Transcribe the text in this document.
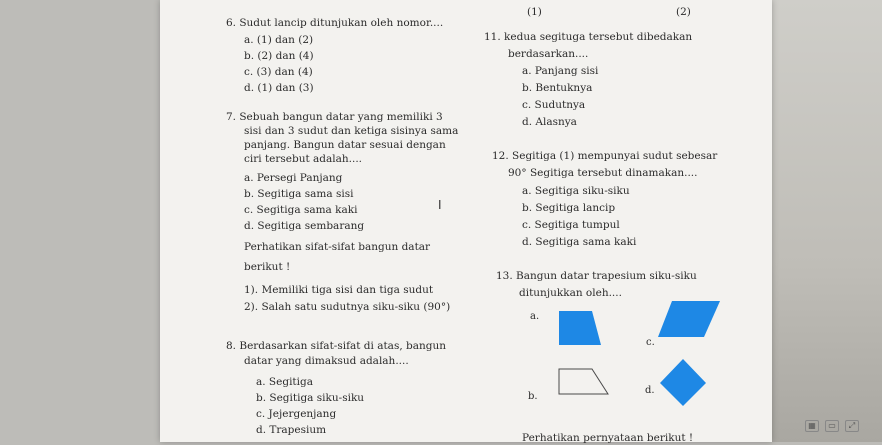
(1)	(2)
6. Sudut lancip ditunjukan oleh nomor....
a. (1) dan (2)
b. (2) dan (4)
c. (3) dan (4)
d. (1) dan (3)
7. Sebuah bangun datar yang memiliki 3
sisi dan 3 sudut dan ketiga sisinya sama
panjang. Bangun datar sesuai dengan
ciri tersebut adalah....
a. Persegi Panjang
b. Segitiga sama sisi
c. Segitiga sama kaki
d. Segitiga sembarang
I
Perhatikan sifat-sifat bangun datar
berikut !
1). Memiliki tiga sisi dan tiga sudut
2). Salah satu sudutnya siku-siku (90°)
8. Berdasarkan sifat-sifat di atas, bangun
datar yang dimaksud adalah....
a. Segitiga
b. Segitiga siku-siku
c. Jejergenjang
d. Trapesium
11. kedua segituga tersebut dibedakan
berdasarkan....
a. Panjang sisi
b. Bentuknya
c. Sudutnya
d. Alasnya
12. Segitiga (1) mempunyai sudut sebesar
90° Segitiga tersebut dinamakan....
a. Segitiga siku-siku
b. Segitiga lancip
c. Segitiga tumpul
d. Segitiga sama kaki
13. Bangun datar trapesium siku-siku
ditunjukkan oleh....
a.
c.
b.
d.
Perhatikan pernyataan berikut !
▦	▭	⤢
